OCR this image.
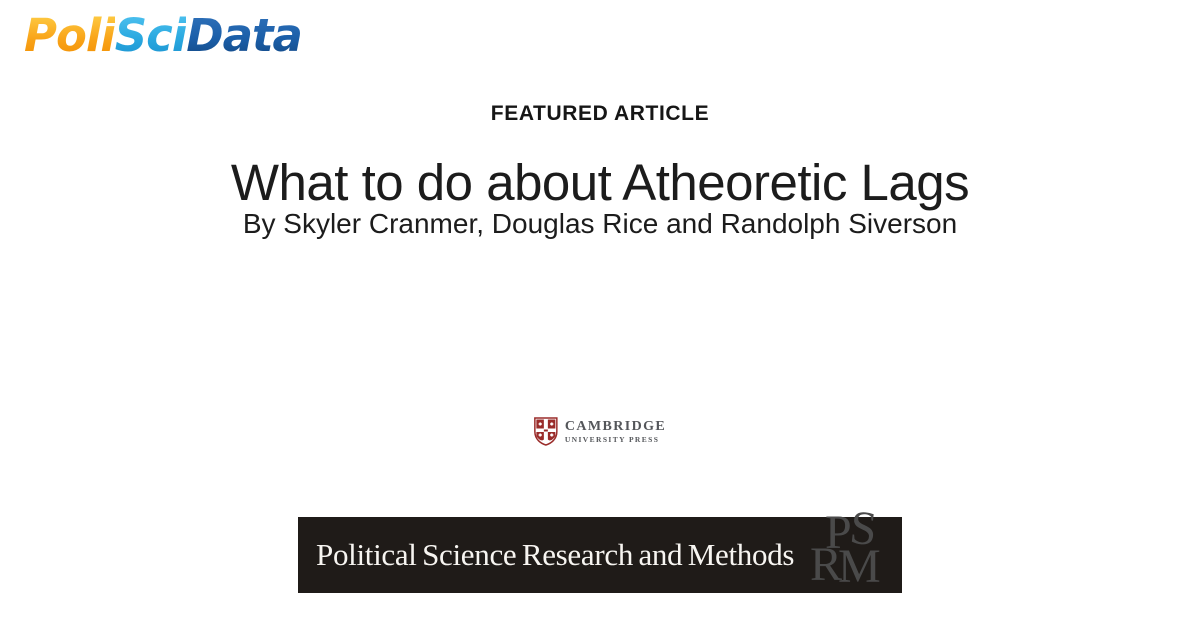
PoliSciData
FEATURED ARTICLE
What to do about Atheoretic Lags
By Skyler Cranmer, Douglas Rice and Randolph Siverson
CAMBRIDGE
UNIVERSITY PRESS
Political Science Research and Methods P
S
R
M
